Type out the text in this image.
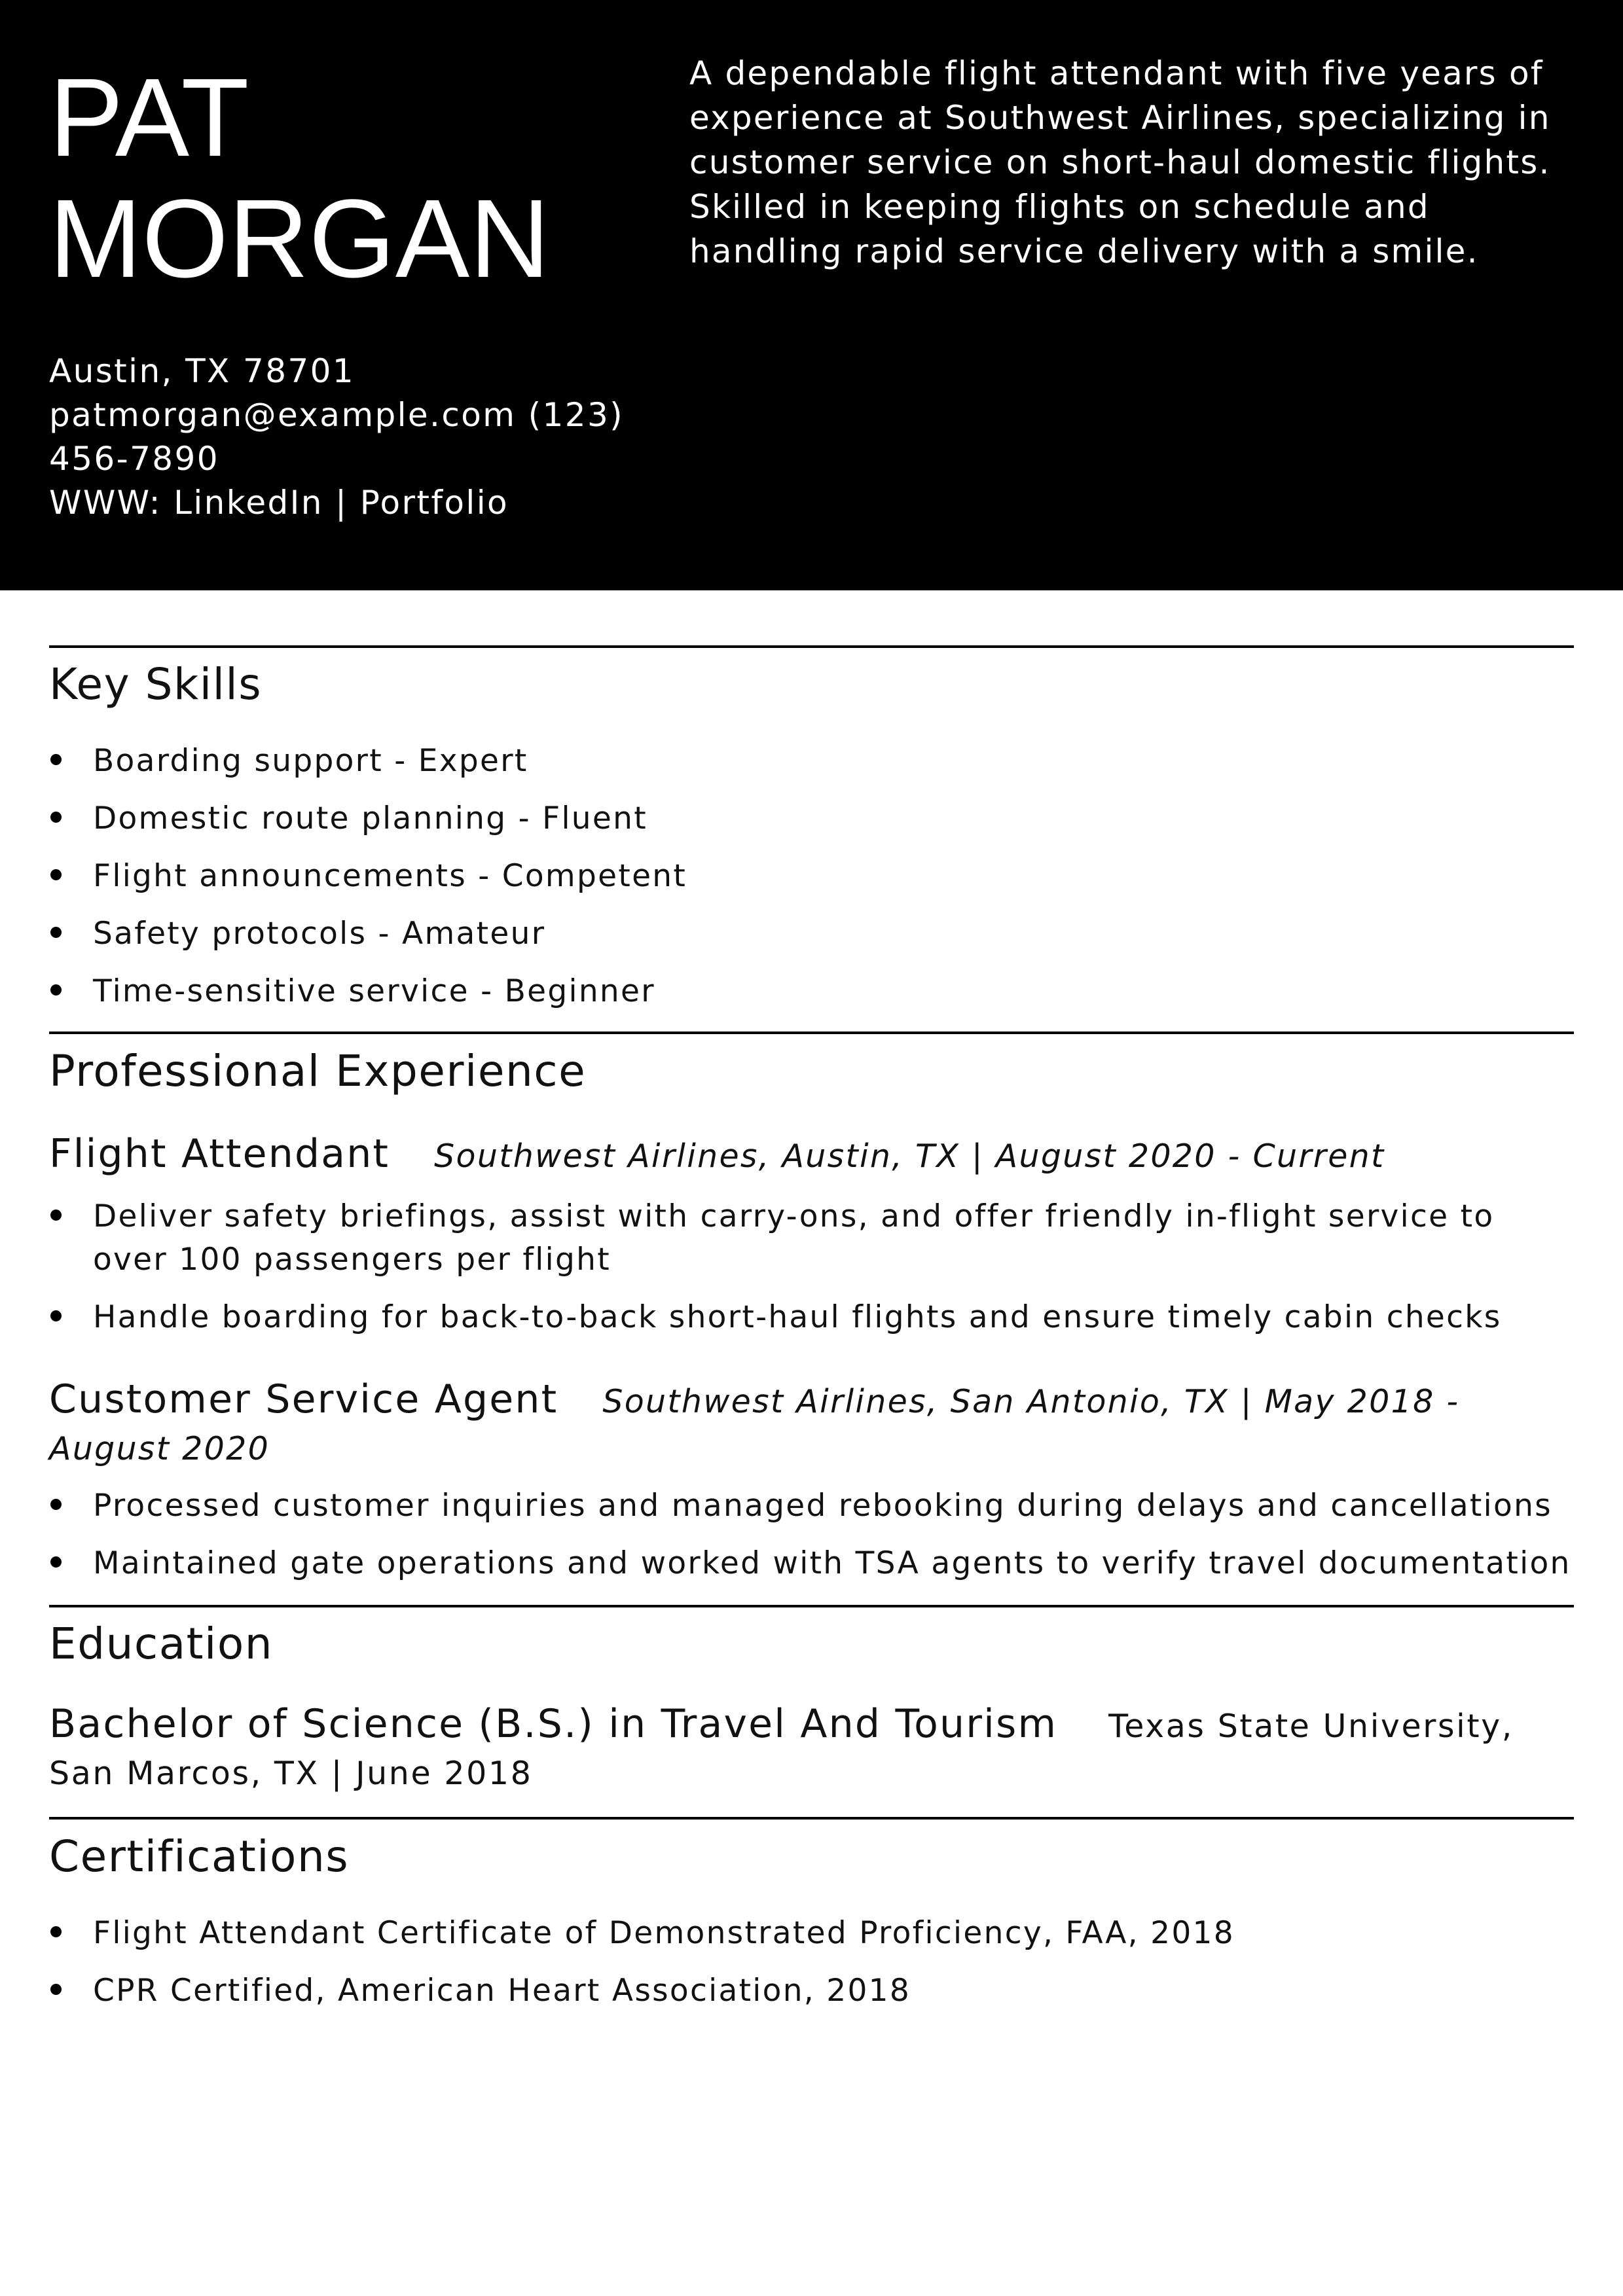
PAT
MORGAN

A dependable flight attendant with five years of experience at Southwest Airlines, specializing in customer service on short-haul domestic flights. Skilled in keeping flights on schedule and handling rapid service delivery with a smile.

Austin, TX 78701
patmorgan@example.com (123)
456-7890
WWW: LinkedIn | Portfolio
Key Skills
Boarding support - Expert
Domestic route planning - Fluent
Flight announcements - Competent
Safety protocols - Amateur
Time-sensitive service - Beginner
Professional Experience

Flight Attendant Southwest Airlines, Austin, TX | August 2020 - Current

Deliver safety briefings, assist with carry-ons, and offer friendly in-flight service to over 100 passengers per flight
Handle boarding for back-to-back short-haul flights and ensure timely cabin checks

Customer Service Agent Southwest Airlines, San Antonio, TX | May 2018 - August 2020

Processed customer inquiries and managed rebooking during delays and cancellations
Maintained gate operations and worked with TSA agents to verify travel documentation
Education

Bachelor of Science (B.S.) in Travel And Tourism Texas State University, San Marcos, TX | June 2018

Certifications
Flight Attendant Certificate of Demonstrated Proficiency, FAA, 2018
CPR Certified, American Heart Association, 2018
